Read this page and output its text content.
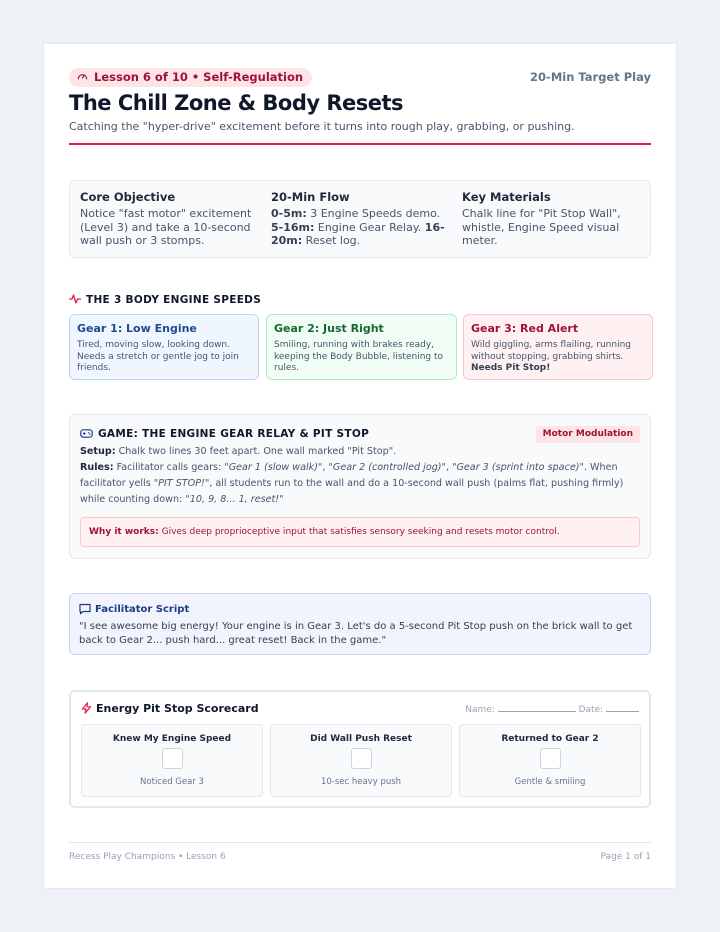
Lesson 6 of 10 • Self-Regulation	20-Min Target Play
The Chill Zone & Body Resets
Catching the "hyper-drive" excitement before it turns into rough play, grabbing, or pushing.
Core Objective

Notice "fast motor" excitement (Level 3) and take a 10-second wall push or 3 stomps.

20-Min Flow

0-5m: 3 Engine Speeds demo. 5-16m: Engine Gear Relay. 16-20m: Reset log.

Key Materials

Chalk line for "Pit Stop Wall", whistle, Engine Speed visual meter.

THE 3 BODY ENGINE SPEEDS
Gear 1: Low Engine

Tired, moving slow, looking down. Needs a stretch or gentle jog to join friends.

Gear 2: Just Right

Smiling, running with brakes ready, keeping the Body Bubble, listening to rules.

Gear 3: Red Alert

Wild giggling, arms flailing, running without stopping, grabbing shirts. Needs Pit Stop!

GAME: THE ENGINE GEAR RELAY & PIT STOP	Motor Modulation
Setup: Chalk two lines 30 feet apart. One wall marked "Pit Stop".
Rules: Facilitator calls gears: "Gear 1 (slow walk)", "Gear 2 (controlled jog)", "Gear 3 (sprint into space)". When facilitator yells "PIT STOP!", all students run to the wall and do a 10-second wall push (palms flat, pushing firmly) while counting down: "10, 9, 8... 1, reset!"
Why it works: Gives deep proprioceptive input that satisfies sensory seeking and resets motor control.
Facilitator Script

"I see awesome big energy! Your engine is in Gear 3. Let's do a 5-second Pit Stop push on the brick wall to get back to Gear 2... push hard... great reset! Back in the game."

Energy Pit Stop Scorecard	Name:	Date:
Knew My Engine Speed

Noticed Gear 3

Did Wall Push Reset

10-sec heavy push

Returned to Gear 2

Gentle & smiling

Recess Play Champions • Lesson 6	Page 1 of 1
